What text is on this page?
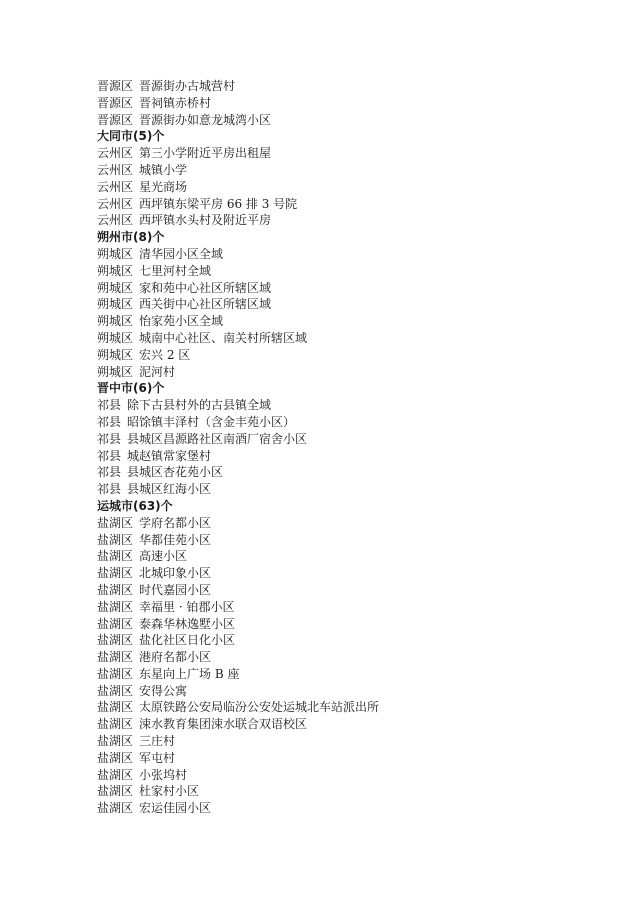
晋源区 晋源街办古城营村
晋源区 晋祠镇赤桥村
晋源区 晋源街办如意龙城湾小区
大同市(5)个
云州区 第三小学附近平房出租屋
云州区 城镇小学
云州区 星光商场
云州区 西坪镇东梁平房 66 排 3 号院
云州区 西坪镇水头村及附近平房
朔州市(8)个
朔城区 清华园小区全域
朔城区 七里河村全域
朔城区 家和苑中心社区所辖区域
朔城区 西关街中心社区所辖区域
朔城区 怡家苑小区全域
朔城区 城南中心社区、南关村所辖区域
朔城区 宏兴 2 区
朔城区 泥河村
晋中市(6)个
祁县 除下古县村外的古县镇全域
祁县 昭馀镇丰泽村（含金丰苑小区）
祁县 县城区昌源路社区南酒厂宿舍小区
祁县 城赵镇常家堡村
祁县 县城区杏花苑小区
祁县 县城区红海小区
运城市(63)个
盐湖区 学府名都小区
盐湖区 华都佳苑小区
盐湖区 高速小区
盐湖区 北城印象小区
盐湖区 时代嘉园小区
盐湖区 幸福里 · 铂郡小区
盐湖区 泰森华林逸墅小区
盐湖区 盐化社区日化小区
盐湖区 港府名都小区
盐湖区 东星向上广场 B 座
盐湖区 安得公寓
盐湖区 太原铁路公安局临汾公安处运城北车站派出所
盐湖区 涑水教育集团涑水联合双语校区
盐湖区 三庄村
盐湖区 军屯村
盐湖区 小张坞村
盐湖区 杜家村小区
盐湖区 宏运佳园小区
